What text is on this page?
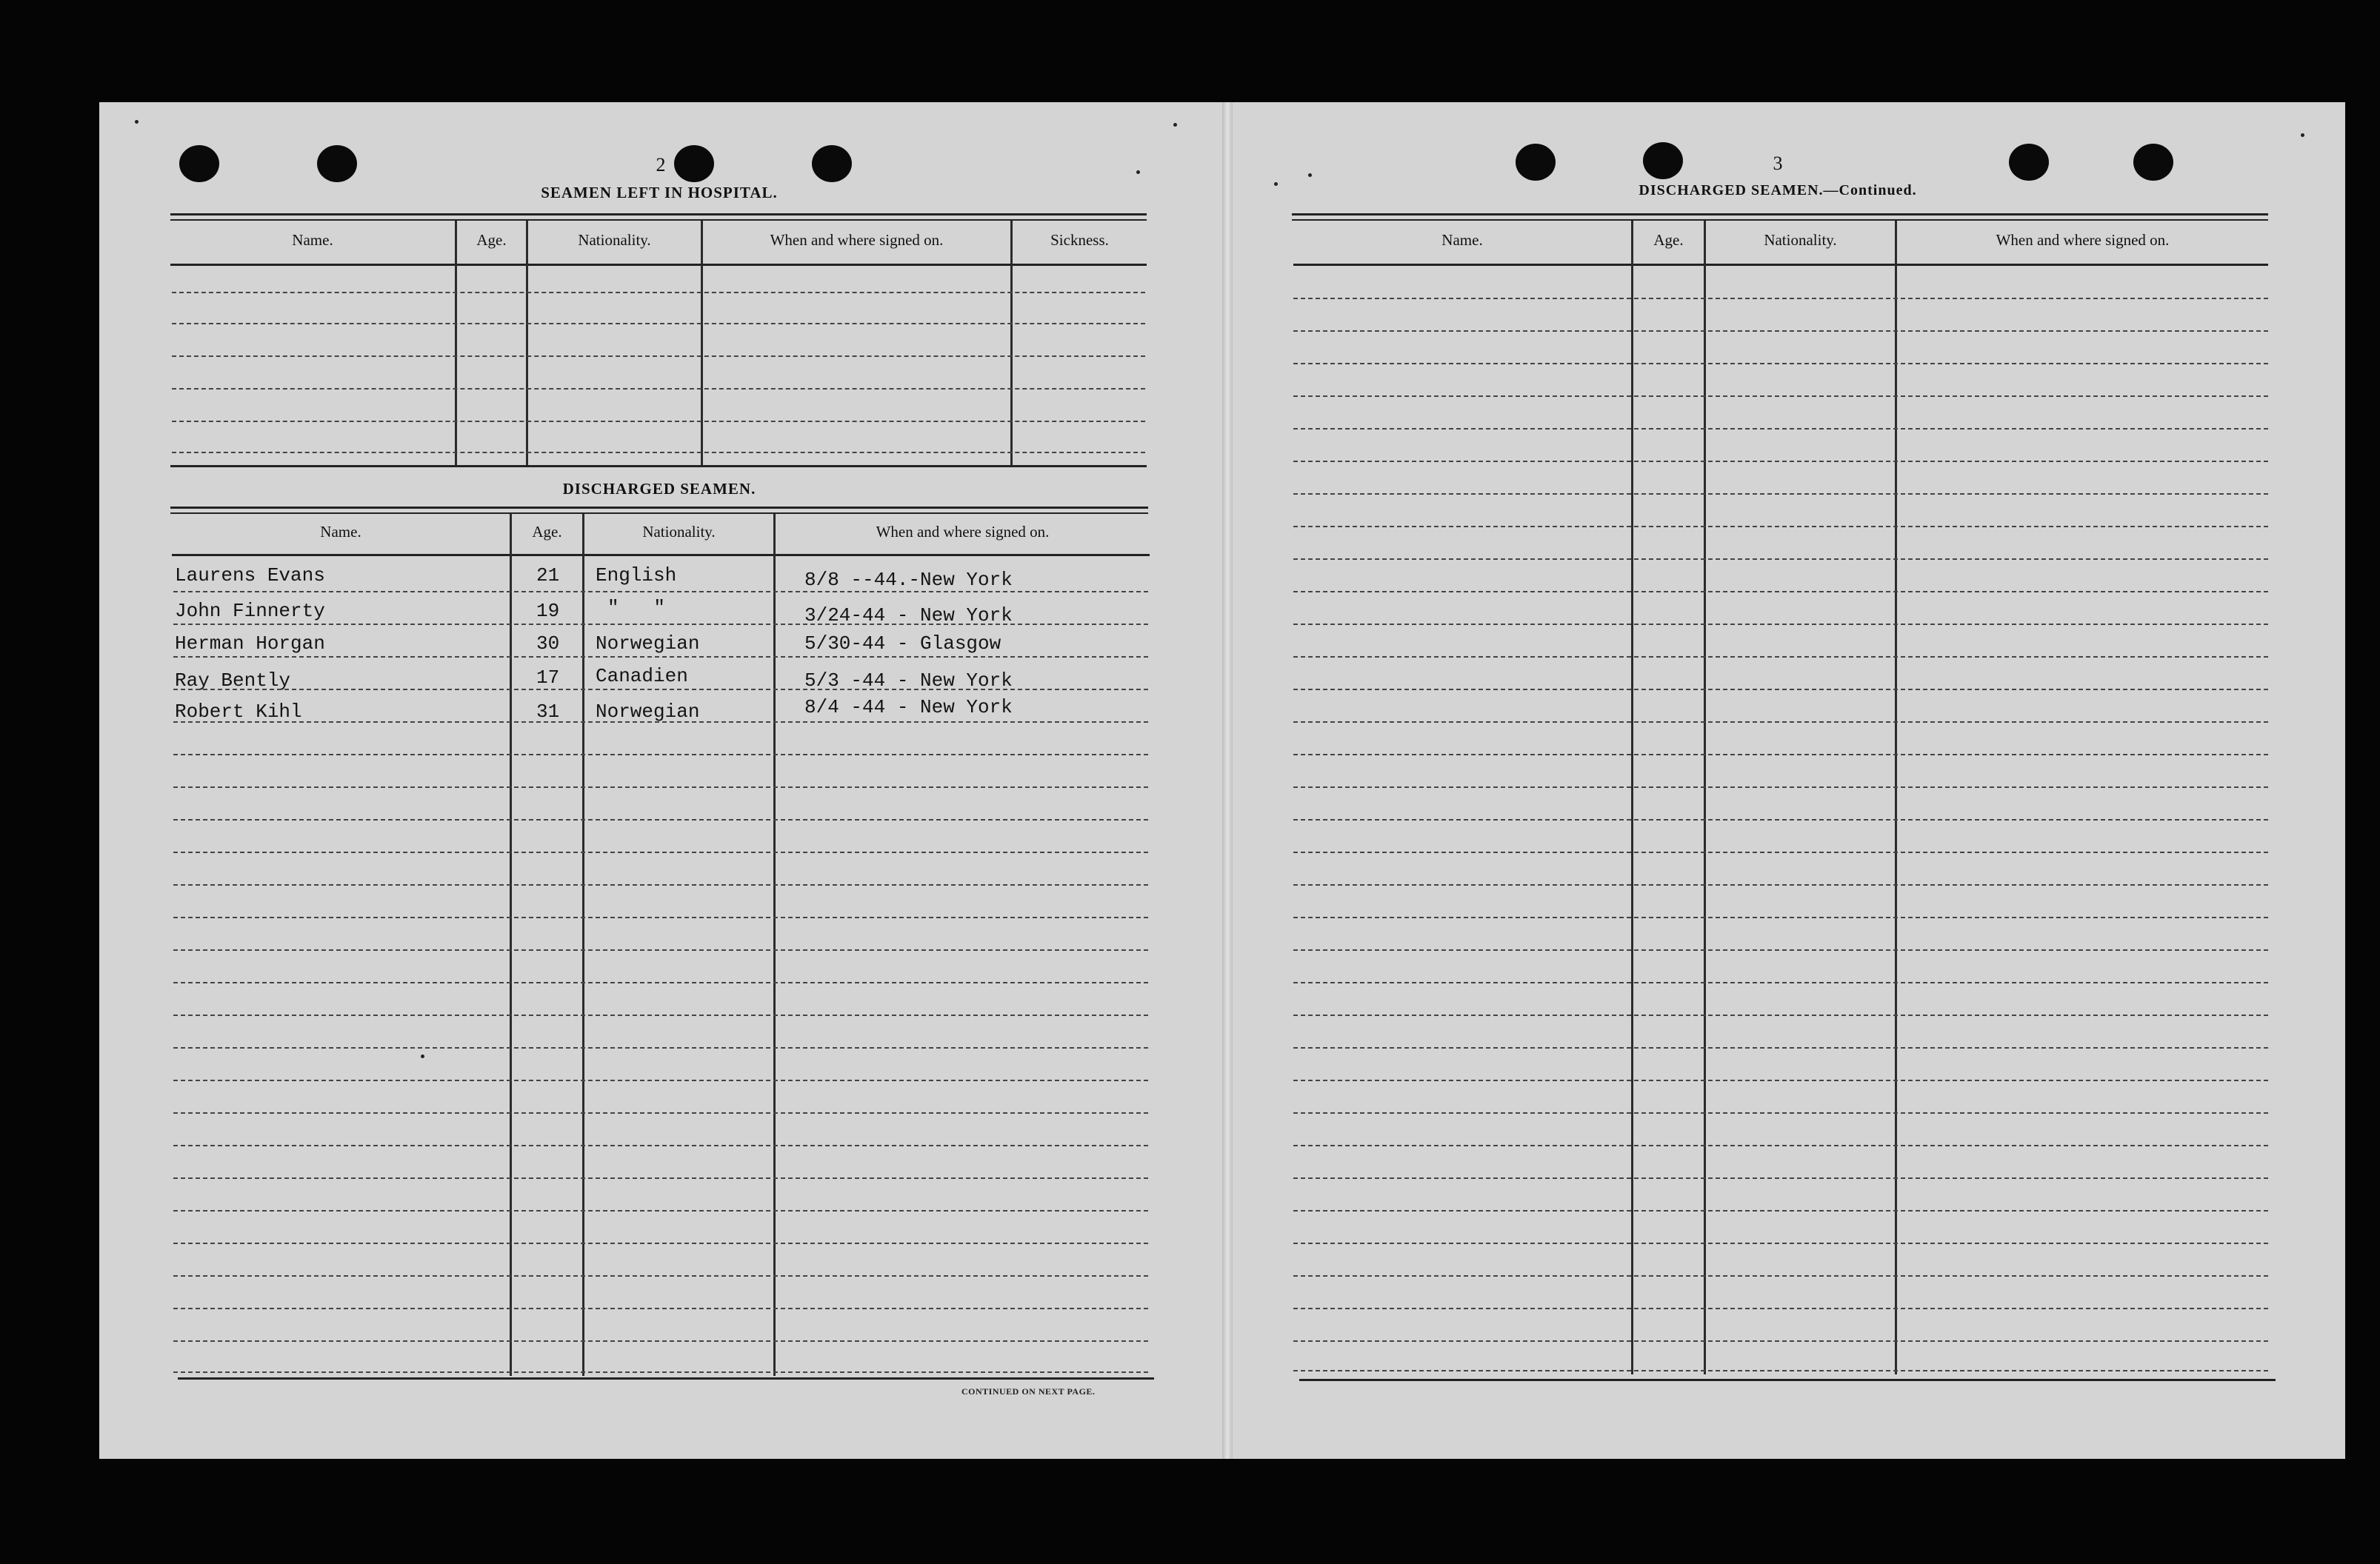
2
SEAMEN LEFT IN HOSPITAL.
Name.	Age.	Nationality.	When and where signed on.	Sickness.
DISCHARGED SEAMEN.
Name.	Age.	Nationality.	When and where signed on.
Laurens Evans	21 English	8/8 --44.-New York
John Finnerty	19 "   "	3/24-44 - New York
Herman Horgan	30 Norwegian	5/30-44 - Glasgow
Ray Bently	17 Canadien	5/3 -44 - New York
Robert Kihl	31 Norwegian	8/4 -44 - New York
CONTINUED ON NEXT PAGE.
3
DISCHARGED SEAMEN.—Continued.
Name.	Age.	Nationality.	When and where signed on.
